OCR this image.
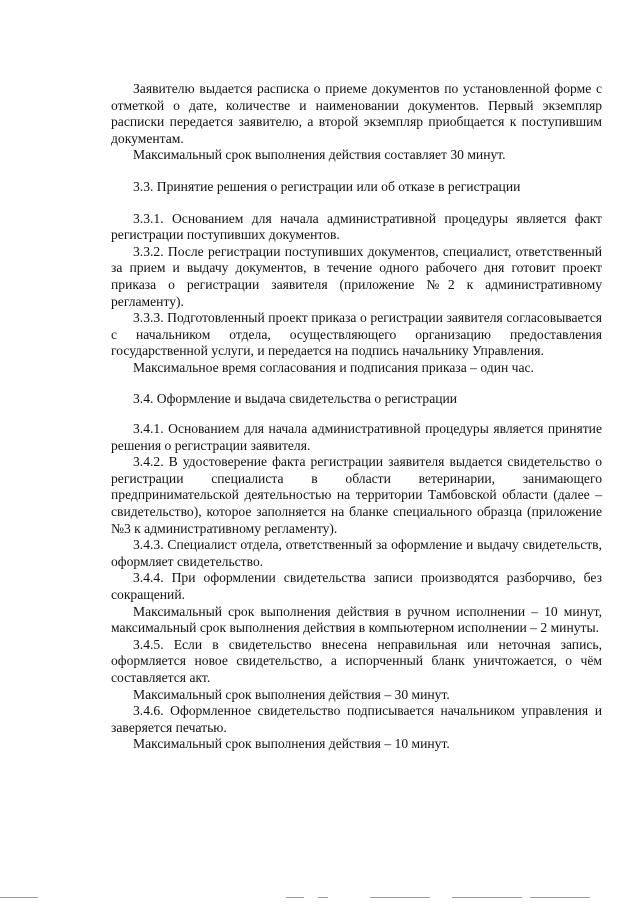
Заявителю выдается расписка о приеме документов по установленной форме с отметкой о дате, количестве и наименовании документов. Первый экземпляр расписки передается заявителю, а второй экземпляр приобщается к поступившим документам.

Максимальный срок выполнения действия составляет 30 минут.

3.3. Принятие решения о регистрации или об отказе в регистрации

3.3.1. Основанием для начала административной процедуры является факт регистрации поступивших документов.

3.3.2. После регистрации поступивших документов, специалист, ответственный за прием и выдачу документов, в течение одного рабочего дня готовит проект приказа о регистрации заявителя (приложение №2 к административному регламенту).

3.3.3. Подготовленный проект приказа о регистрации заявителя согласовывается с начальником отдела, осуществляющего организацию предоставления государственной услуги, и передается на подпись начальнику Управления.

Максимальное время согласования и подписания приказа – один час.

3.4. Оформление и выдача свидетельства о регистрации

3.4.1. Основанием для начала административной процедуры является принятие решения о регистрации заявителя.

3.4.2. В удостоверение факта регистрации заявителя выдается свидетельство о регистрации специалиста в области ветеринарии, занимающего предпринимательской деятельностью на территории Тамбовской области (далее – свидетельство), которое заполняется на бланке специального образца (приложение №3 к административному регламенту).

3.4.3. Специалист отдела, ответственный за оформление и выдачу свидетельств, оформляет свидетельство.

3.4.4. При оформлении свидетельства записи производятся разборчиво, без сокращений.

Максимальный срок выполнения действия в ручном исполнении – 10 минут, максимальный срок выполнения действия в компьютерном исполнении – 2 минуты.

3.4.5. Если в свидетельство внесена неправильная или неточная запись, оформляется новое свидетельство, а испорченный бланк уничтожается, о чём составляется акт.

Максимальный срок выполнения действия – 30 минут.

3.4.6. Оформленное свидетельство подписывается начальником управления и заверяется печатью.

Максимальный срок выполнения действия – 10 минут.
